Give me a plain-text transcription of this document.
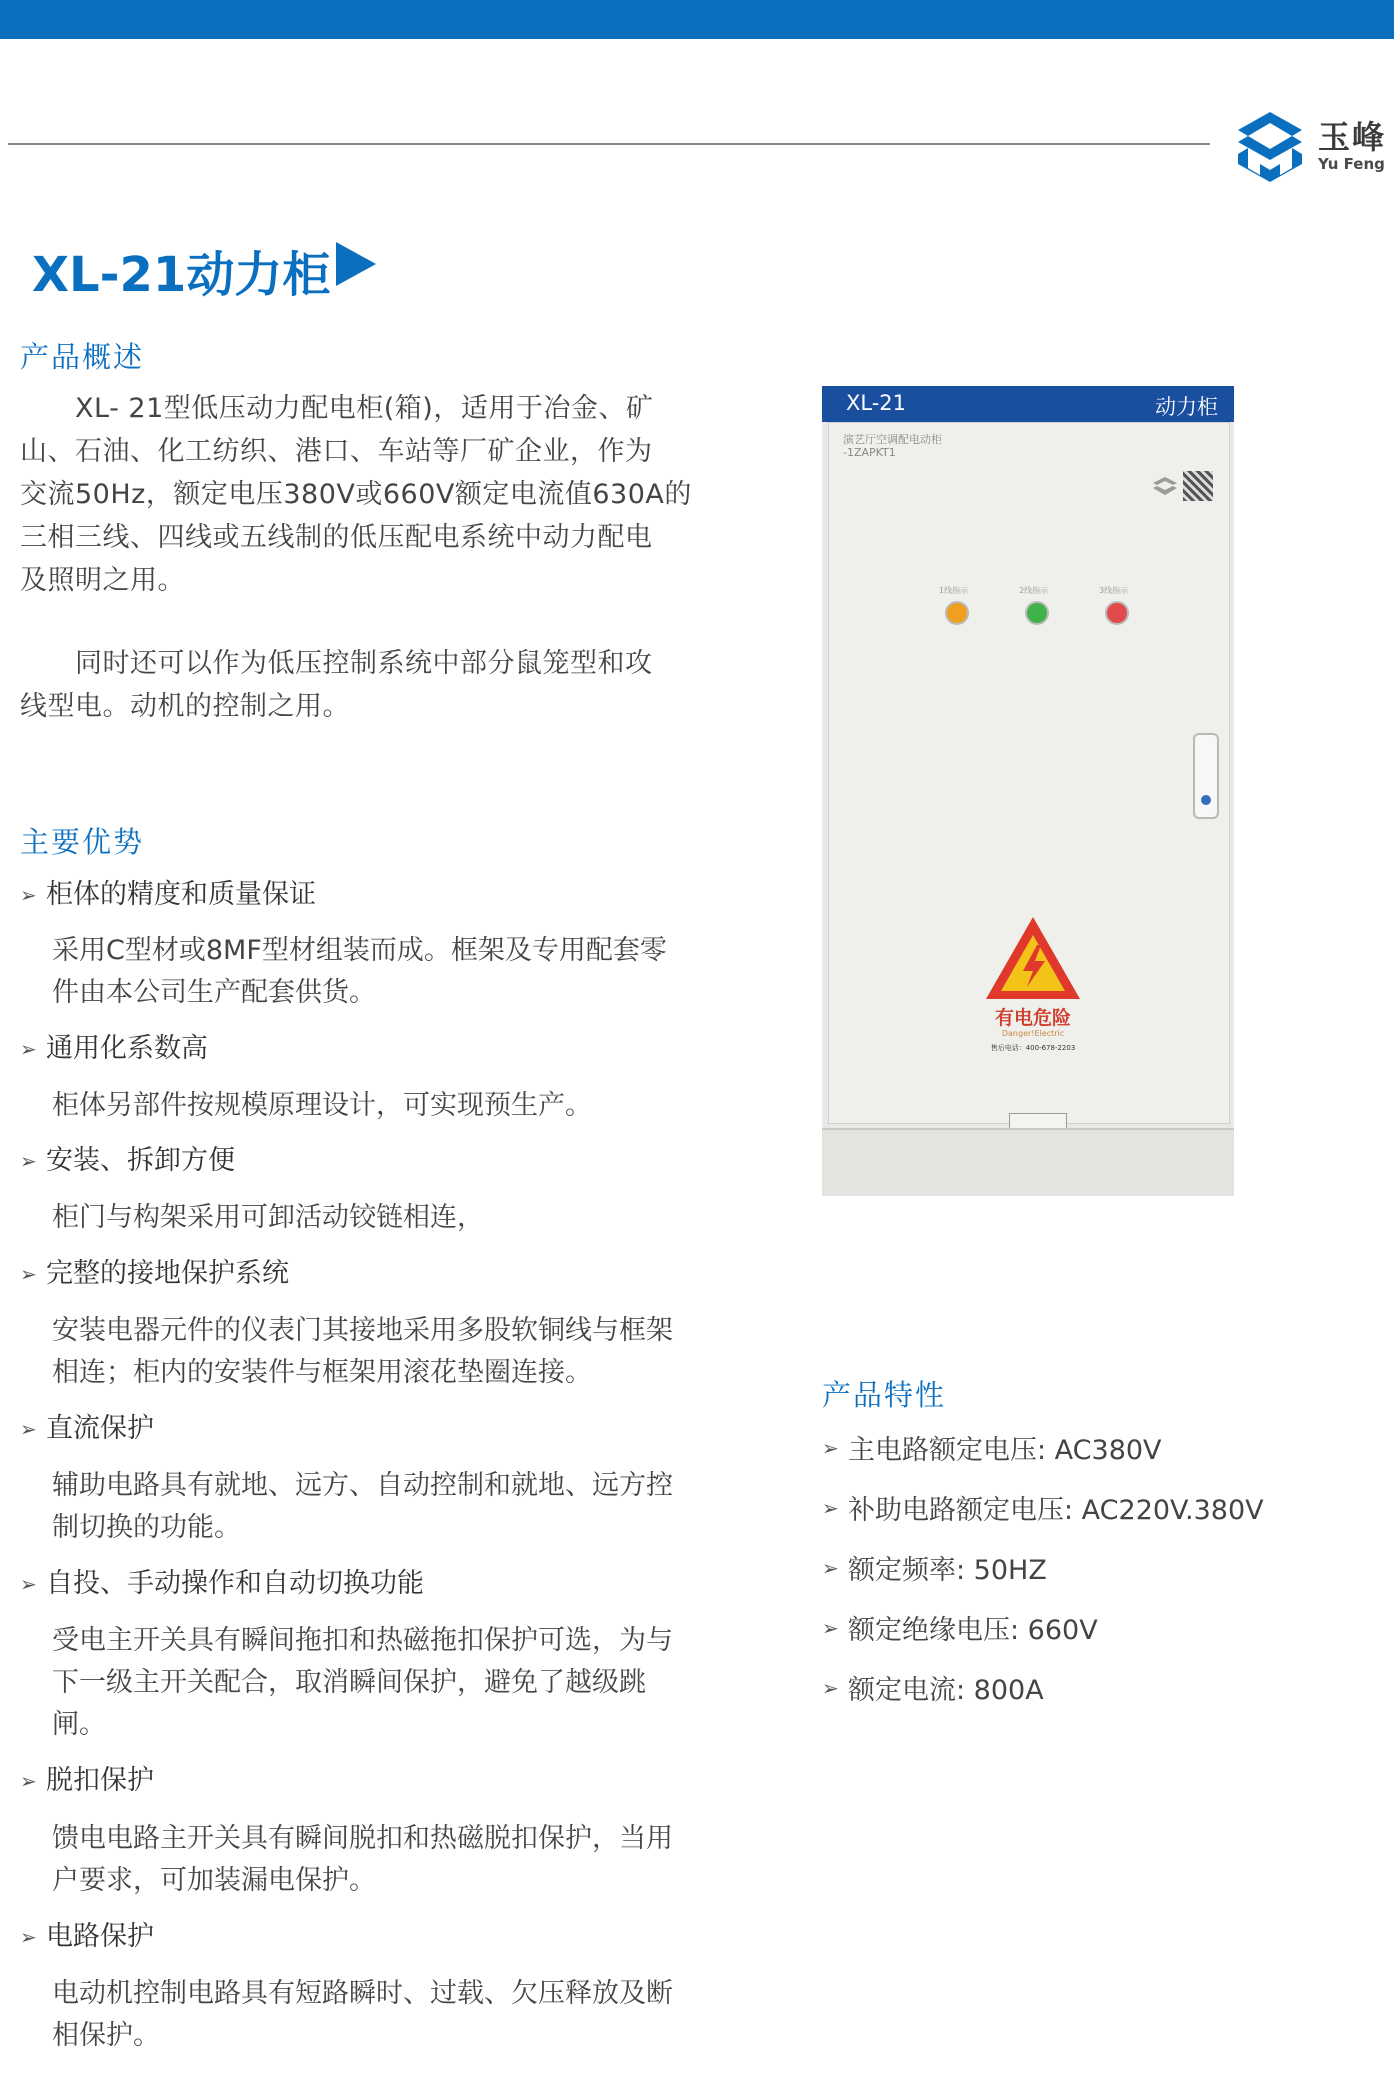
玉峰
Yu Feng
XL-21动力柜
产品概述
　　XL- 21型低压动力配电柜(箱)，适用于冶金、矿
山、石油、化工纺织、港口、车站等厂矿企业，作为
交流50Hz，额定电压380V或660V额定电流值630A的
三相三线、四线或五线制的低压配电系统中动力配电
及照明之用。
　　同时还可以作为低压控制系统中部分鼠笼型和攻
线型电。动机的控制之用。
主要优势
➢ 柜体的精度和质量保证
采用C型材或8MF型材组装而成。框架及专用配套零
件由本公司生产配套供货。
➢ 通用化系数高
柜体另部件按规模原理设计，可实现预生产。
➢ 安装、拆卸方便
柜门与构架采用可卸活动铰链相连，
➢ 完整的接地保护系统
安装电器元件的仪表门其接地采用多股软铜线与框架
相连；柜内的安装件与框架用滚花垫圈连接。
➢ 直流保护
辅助电路具有就地、远方、自动控制和就地、远方控
制切换的功能。
➢ 自投、手动操作和自动切换功能
受电主开关具有瞬间拖扣和热磁拖扣保护可选，为与
下一级主开关配合，取消瞬间保护，避免了越级跳
闸。
➢ 脱扣保护
馈电电路主开关具有瞬间脱扣和热磁脱扣保护，当用
户要求，可加装漏电保护。
➢ 电路保护
电动机控制电路具有短路瞬时、过载、欠压释放及断
相保护。
XL-21	动力柜
演艺厅空调配电动柜
-1ZAPKT1
1线指示	2线指示	3线指示
有电危险
Danger!Electric
售后电话：400-678-2203
产品特性
➢ 主电路额定电压: AC380V
➢ 补助电路额定电压: AC220V.380V
➢ 额定频率: 50HZ
➢ 额定绝缘电压: 660V
➢ 额定电流: 800A
